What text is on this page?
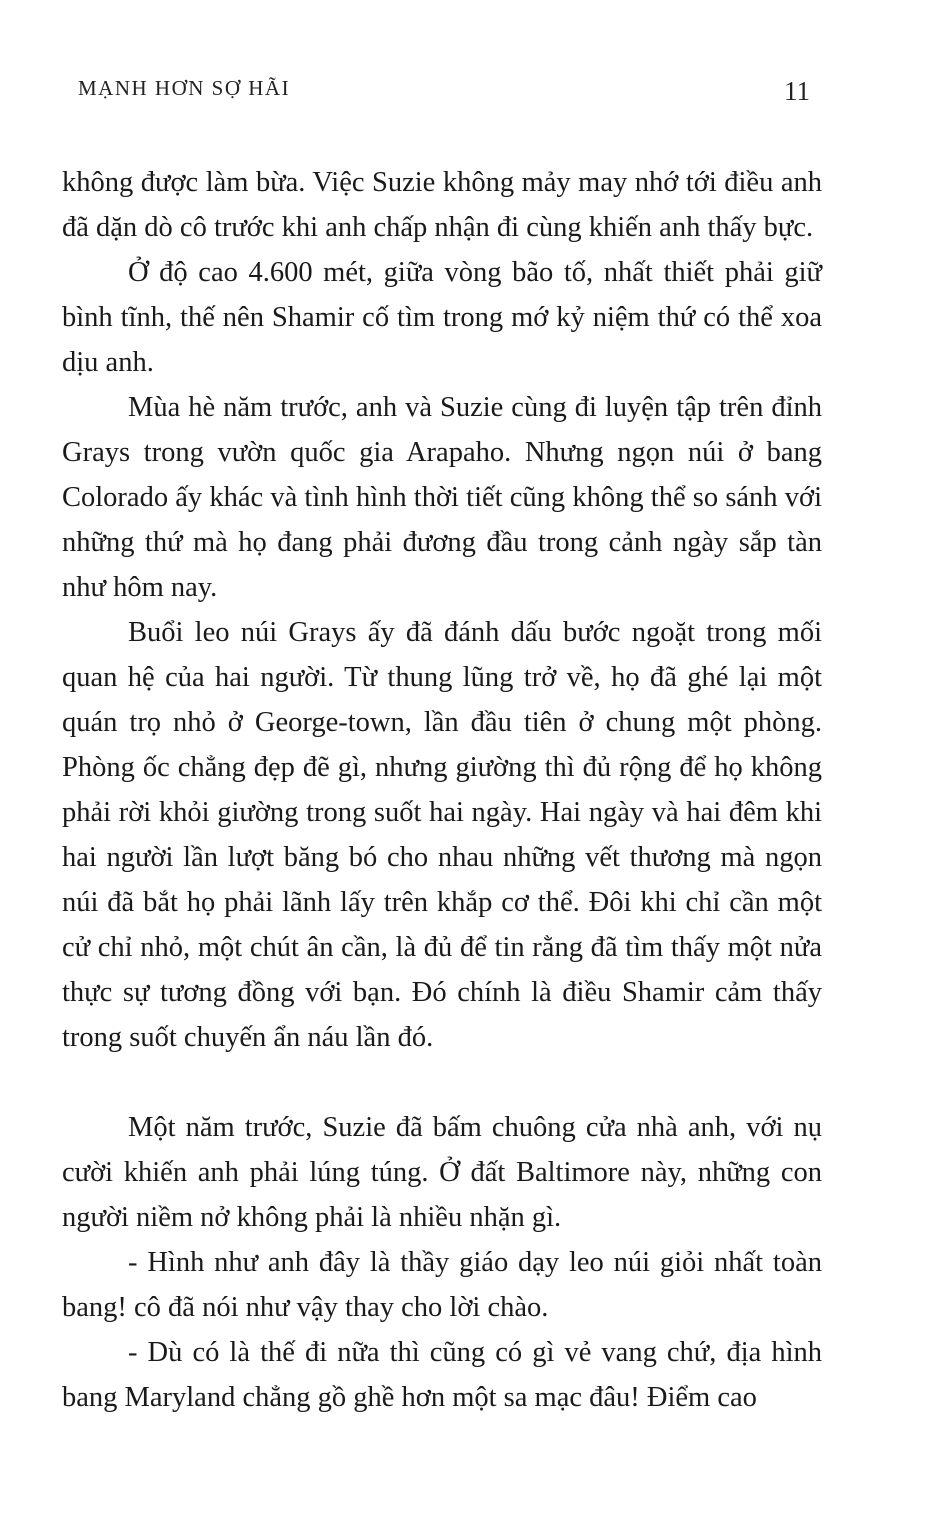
MẠNH HƠN SỢ HÃI	11

không được làm bừa. Việc Suzie không mảy may nhớ tới điều anh đã dặn dò cô trước khi anh chấp nhận đi cùng khiến anh thấy bực.

Ở độ cao 4.600 mét, giữa vòng bão tố, nhất thiết phải giữ bình tĩnh, thế nên Shamir cố tìm trong mớ kỷ niệm thứ có thể xoa dịu anh.

Mùa hè năm trước, anh và Suzie cùng đi luyện tập trên đỉnh Grays trong vườn quốc gia Arapaho. Nhưng ngọn núi ở bang Colorado ấy khác và tình hình thời tiết cũng không thể so sánh với những thứ mà họ đang phải đương đầu trong cảnh ngày sắp tàn như hôm nay.

Buổi leo núi Grays ấy đã đánh dấu bước ngoặt trong mối quan hệ của hai người. Từ thung lũng trở về, họ đã ghé lại một quán trọ nhỏ ở George-town, lần đầu tiên ở chung một phòng. Phòng ốc chẳng đẹp đẽ gì, nhưng giường thì đủ rộng để họ không phải rời khỏi giường trong suốt hai ngày. Hai ngày và hai đêm khi hai người lần lượt băng bó cho nhau những vết thương mà ngọn núi đã bắt họ phải lãnh lấy trên khắp cơ thể. Đôi khi chỉ cần một cử chỉ nhỏ, một chút ân cần, là đủ để tin rằng đã tìm thấy một nửa thực sự tương đồng với bạn. Đó chính là điều Shamir cảm thấy trong suốt chuyến ẩn náu lần đó.

Một năm trước, Suzie đã bấm chuông cửa nhà anh, với nụ cười khiến anh phải lúng túng. Ở đất Baltimore này, những con người niềm nở không phải là nhiều nhặn gì.

- Hình như anh đây là thầy giáo dạy leo núi giỏi nhất toàn bang! cô đã nói như vậy thay cho lời chào.

- Dù có là thế đi nữa thì cũng có gì vẻ vang chứ, địa hình bang Maryland chẳng gồ ghề hơn một sa mạc đâu! Điểm cao
